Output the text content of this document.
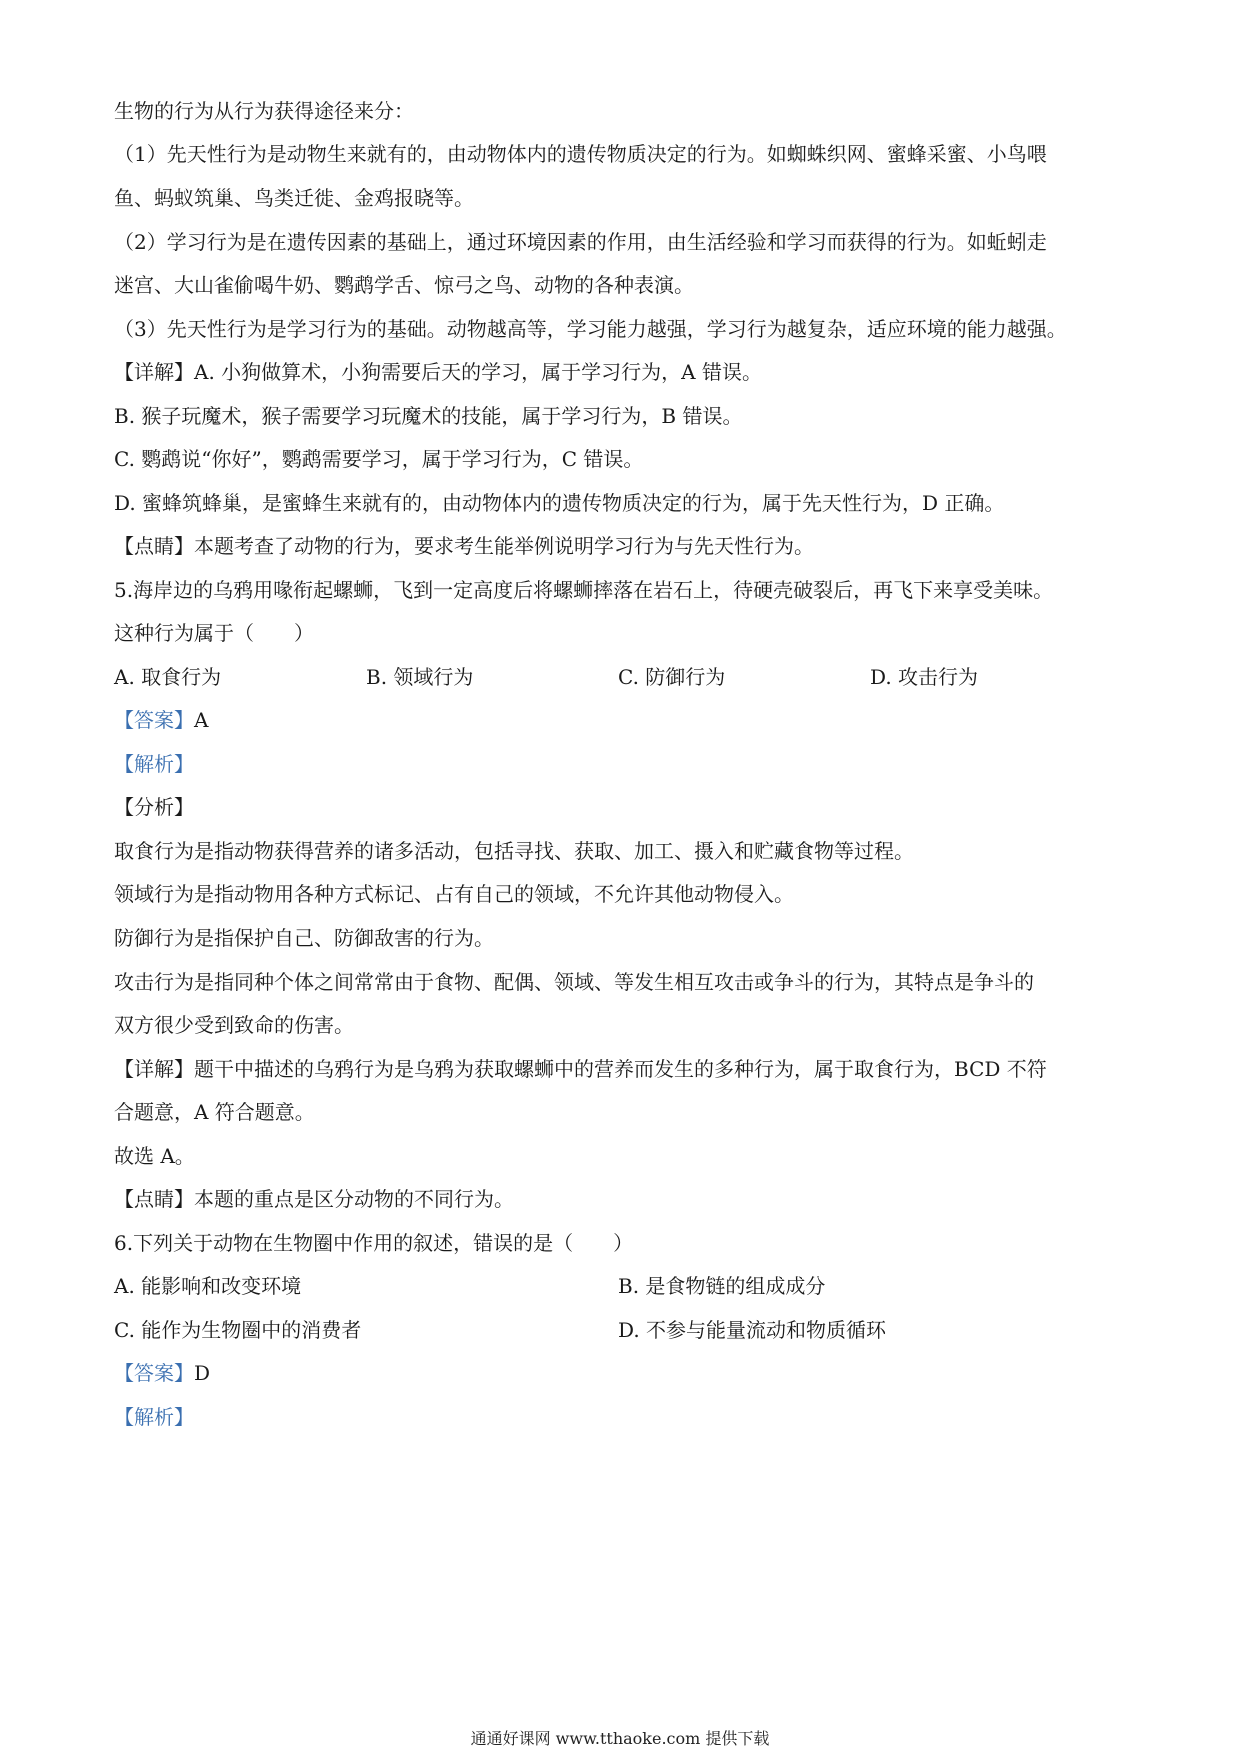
生物的行为从行为获得途径来分：
（1）先天性行为是动物生来就有的，由动物体内的遗传物质决定的行为。如蜘蛛织网、蜜蜂采蜜、小鸟喂
鱼、蚂蚁筑巢、鸟类迁徙、金鸡报晓等。
（2）学习行为是在遗传因素的基础上，通过环境因素的作用，由生活经验和学习而获得的行为。如蚯蚓走
迷宫、大山雀偷喝牛奶、鹦鹉学舌、惊弓之鸟、动物的各种表演。
（3）先天性行为是学习行为的基础。动物越高等，学习能力越强，学习行为越复杂，适应环境的能力越强。
【详解】A. 小狗做算术，小狗需要后天的学习，属于学习行为，A 错误。
B. 猴子玩魔术，猴子需要学习玩魔术的技能，属于学习行为，B 错误。
C. 鹦鹉说“你好”，鹦鹉需要学习，属于学习行为，C 错误。
D. 蜜蜂筑蜂巢，是蜜蜂生来就有的，由动物体内的遗传物质决定的行为，属于先天性行为，D 正确。
【点睛】本题考查了动物的行为，要求考生能举例说明学习行为与先天性行为。
5.海岸边的乌鸦用喙衔起螺蛳，飞到一定高度后将螺蛳摔落在岩石上，待硬壳破裂后，再飞下来享受美味。
这种行为属于（　　）
A. 取食行为	B. 领域行为	C. 防御行为	D. 攻击行为
【答案】A
【解析】
【分析】
取食行为是指动物获得营养的诸多活动，包括寻找、获取、加工、摄入和贮藏食物等过程。
领域行为是指动物用各种方式标记、占有自己的领域，不允许其他动物侵入。
防御行为是指保护自己、防御敌害的行为。
攻击行为是指同种个体之间常常由于食物、配偶、领域、等发生相互攻击或争斗的行为，其特点是争斗的
双方很少受到致命的伤害。
【详解】题干中描述的乌鸦行为是乌鸦为获取螺蛳中的营养而发生的多种行为，属于取食行为，BCD 不符
合题意，A 符合题意。
故选 A。
【点睛】本题的重点是区分动物的不同行为。
6.下列关于动物在生物圈中作用的叙述，错误的是（　　）
A. 能影响和改变环境	B. 是食物链的组成成分
C. 能作为生物圈中的消费者	D. 不参与能量流动和物质循环
【答案】D
【解析】
通通好课网 www.tthaoke.com 提供下载
